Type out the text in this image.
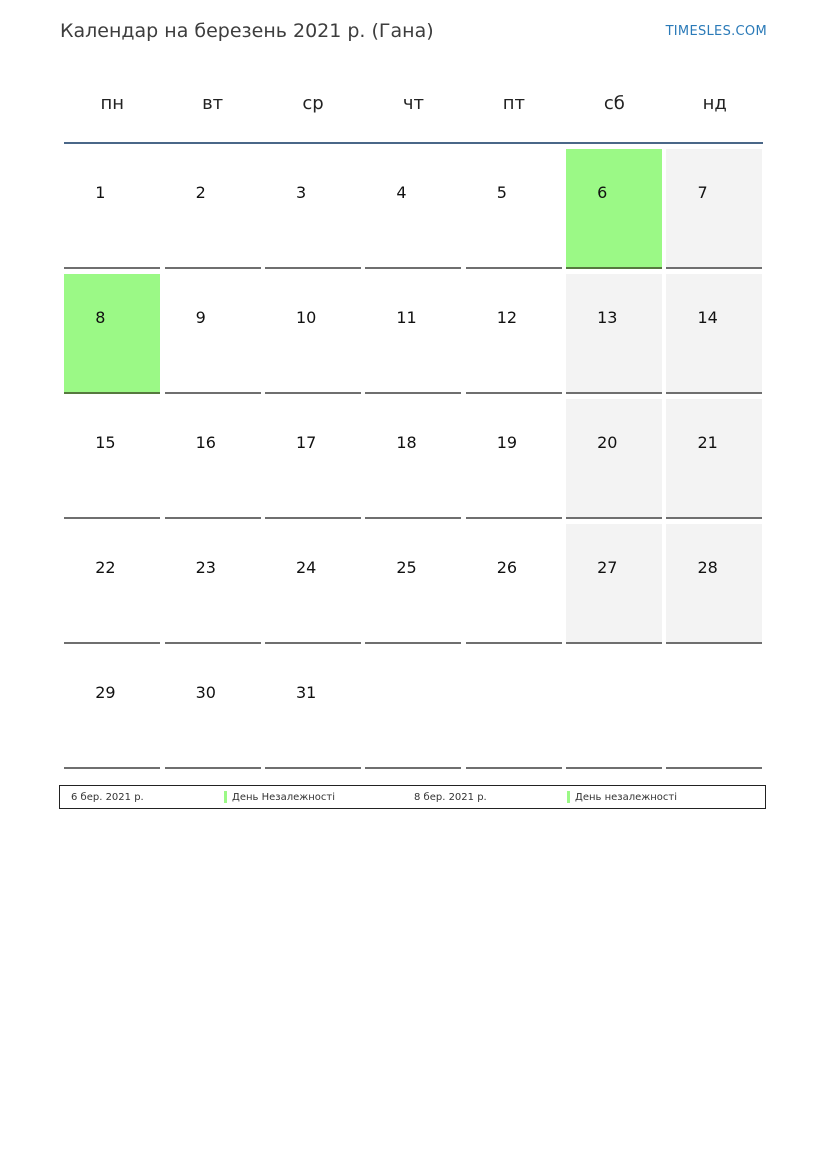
Календар на березень 2021 р. (Гана)	TIMESLES.COM
пн	вт	ср	чт	пт	сб	нд
1	2	3	4	5	6	7
8	9	10	11	12	13	14
15	16	17	18	19	20	21
22	23	24	25	26	27	28
29	30	31
6 бер. 2021 р.	День Незалежності	8 бер. 2021 р.	День незалежності
